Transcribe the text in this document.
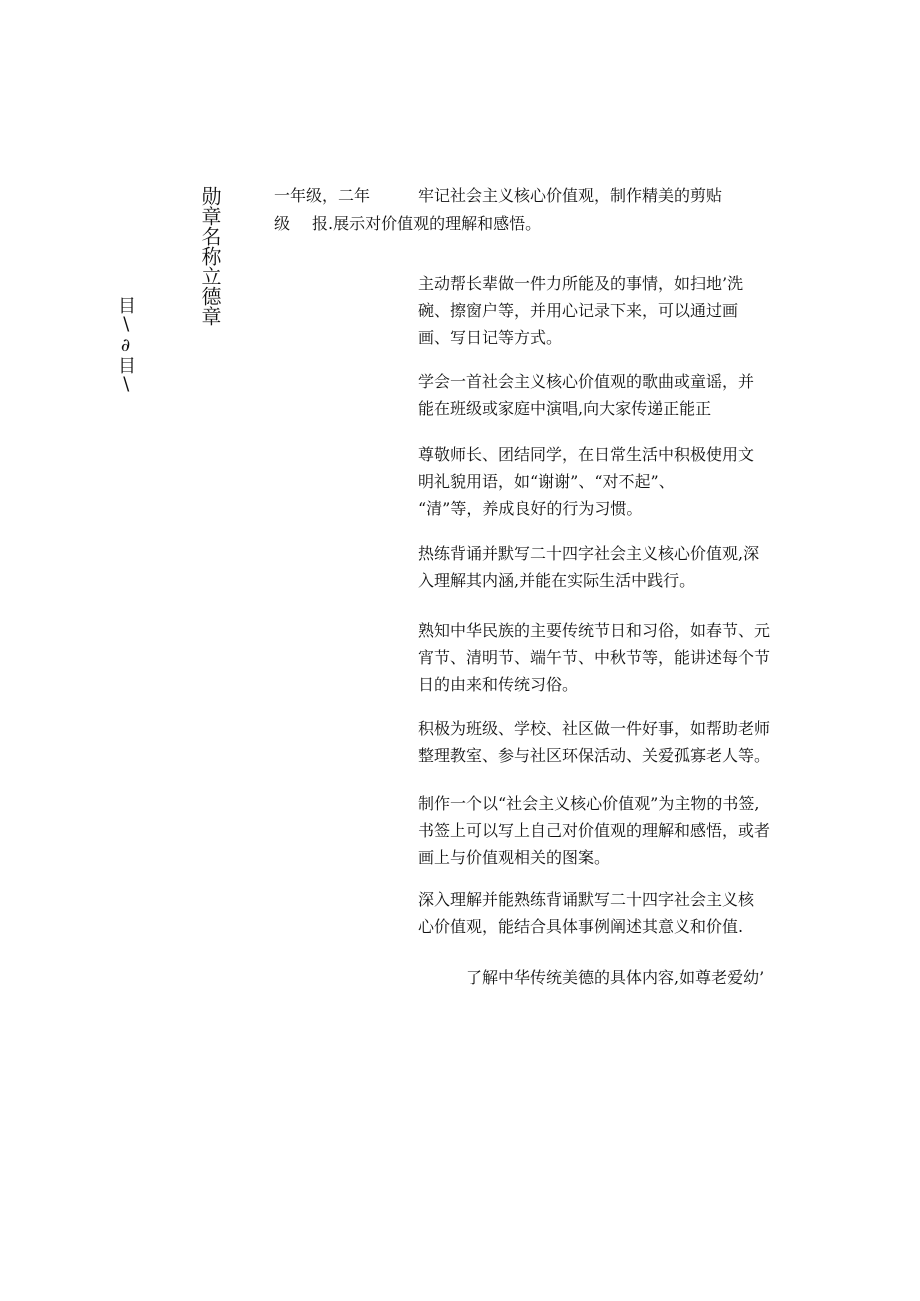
勋章名称立德章
目∖∂目∖
一年级，二年
级
牢记社会主义核心价值观，制作精美的剪贴
报.展示对价值观的理解和感悟。
主动帮长辈做一件力所能及的事情，如扫地’洗
碗、擦窗户等，并用心记录下来，可以通过画
画、写日记等方式。
学会一首社会主义核心价值观的歌曲或童谣，并
能在班级或家庭中演唱,向大家传递正能正
尊敬师长、团结同学，在日常生活中积极使用文
明礼貌用语，如“谢谢”、“对不起”、
“清”等，养成良好的行为习惯。
热练背诵并默写二十四字社会主义核心价值观,深
入理解其内涵,并能在实际生活中践行。
熟知中华民族的主要传统节日和习俗，如春节、元
宵节、清明节、端午节、中秋节等，能讲述每个节
日的由来和传统习俗。
积极为班级、学校、社区做一件好事，如帮助老师
整理教室、参与社区环保活动、关爱孤寡老人等。
制作一个以“社会主义核心价值观”为主物的书签,
书签上可以写上自己对价值观的理解和感悟，或者
画上与价值观相关的图案。
深入理解并能熟练背诵默写二十四字社会主义核
心价值观，能结合具体事例阐述其意义和价值.
了解中华传统美德的具体内容,如尊老爱幼’
